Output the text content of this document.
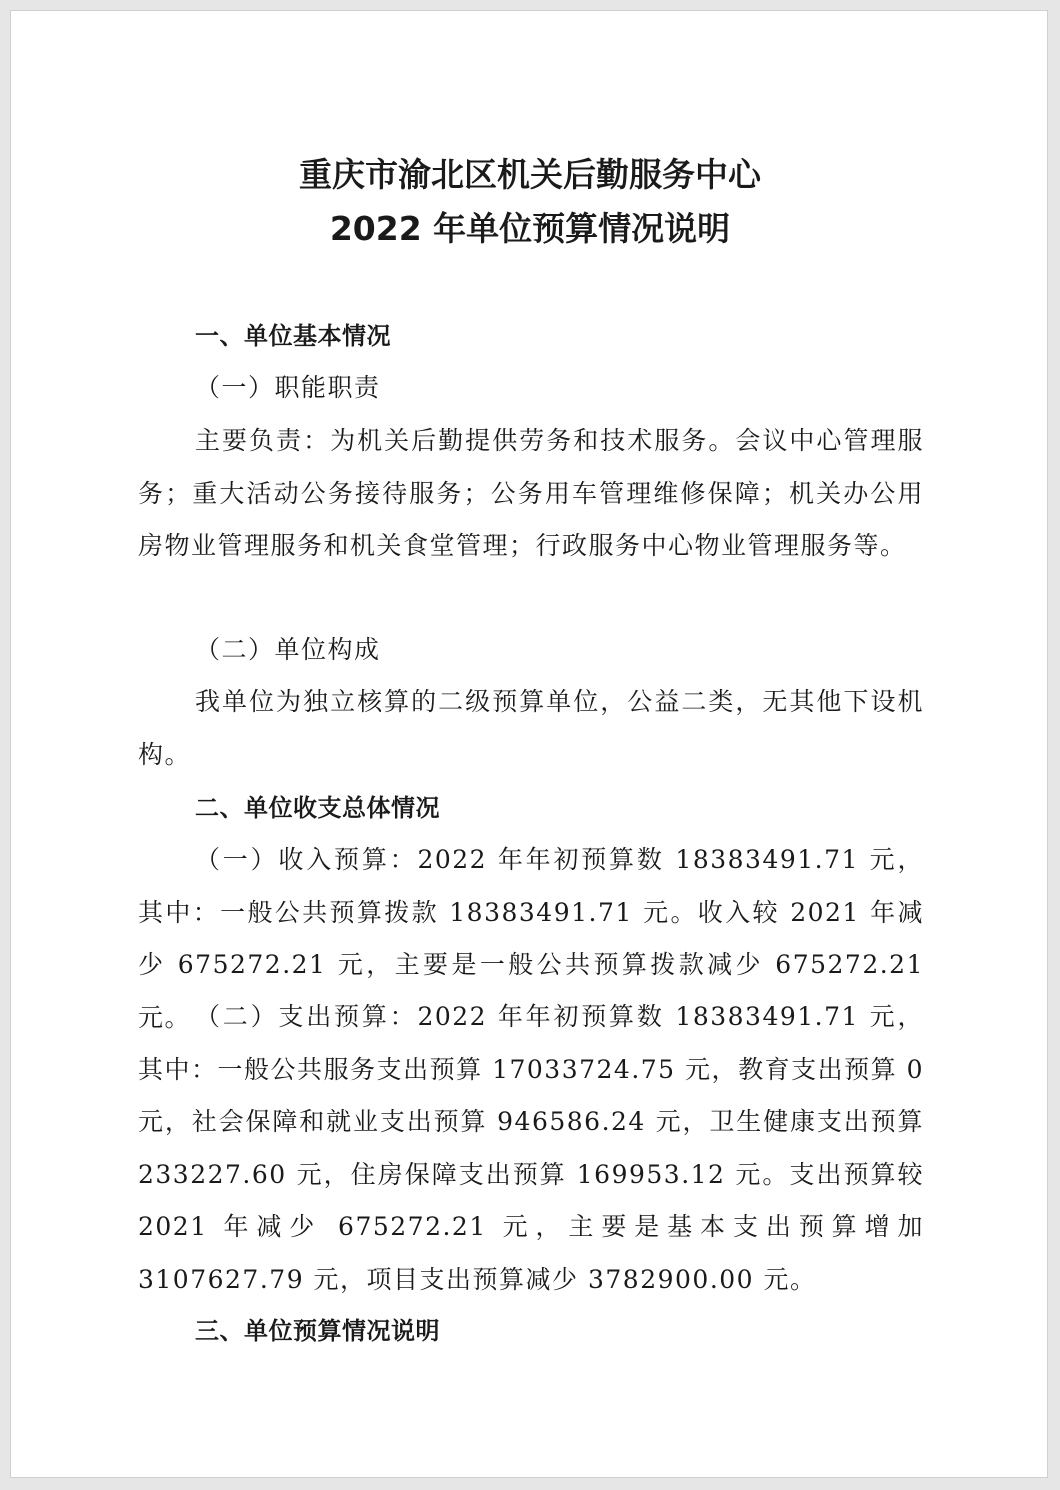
重庆市渝北区机关后勤服务中心
2022 年单位预算情况说明

一、单位基本情况

（一）职能职责

主要负责：为机关后勤提供劳务和技术服务。会议中心管理服务；重大活动公务接待服务；公务用车管理维修保障；机关办公用房物业管理服务和机关食堂管理；行政服务中心物业管理服务等。

（二）单位构成

我单位为独立核算的二级预算单位，公益二类，无其他下设机构。

二、单位收支总体情况

（一）收入预算：2022 年年初预算数 18383491.71 元，其中：一般公共预算拨款 18383491.71 元。收入较 2021 年减少 675272.21 元，主要是一般公共预算拨款减少 675272.21 元。 （二）支出预算：2022 年年初预算数 18383491.71 元，其中：一般公共服务支出预算 17033724.75 元，教育支出预算 0 元，社会保障和就业支出预算 946586.24 元，卫生健康支出预算 233227.60 元，住房保障支出预算 169953.12 元。支出预算较 2021 年减少 675272.21 元，主要是基本支出预算增加 3107627.79 元，项目支出预算减少 3782900.00 元。

三、单位预算情况说明
